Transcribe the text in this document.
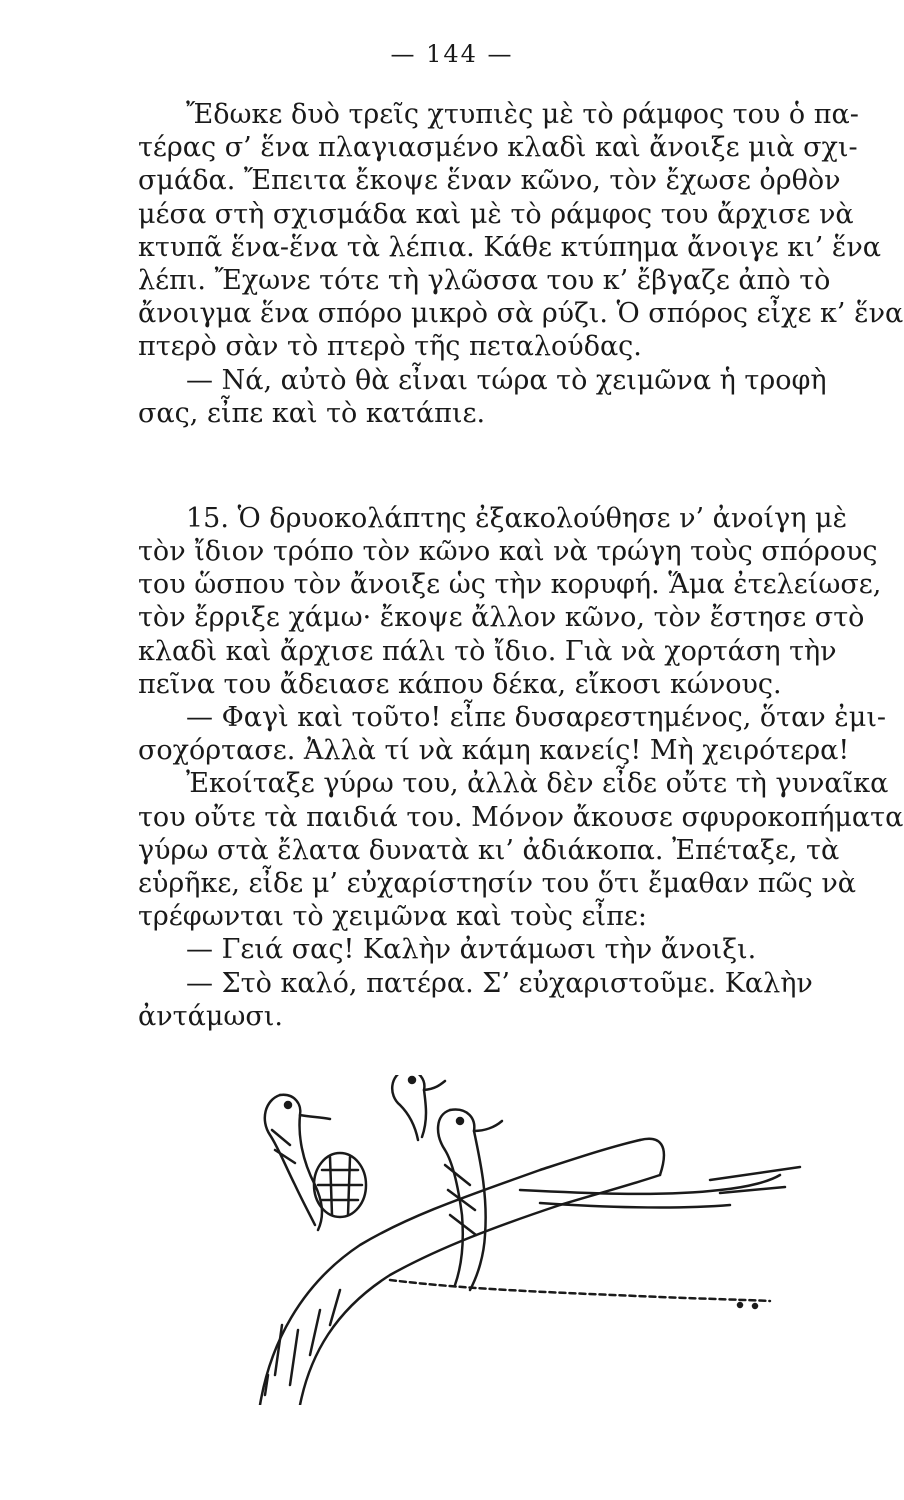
— 144 —
Ἔδωκε δυὸ τρεῖς χτυπιὲς μὲ τὸ ράμφος του ὁ πα-
τέρας σ’ ἕνα πλαγιασμένο κλαδὶ καὶ ἄνοιξε μιὰ σχι-
σμάδα. Ἔπειτα ἔκοψε ἕναν κῶνο, τὸν ἔχωσε ὀρθὸν
μέσα στὴ σχισμάδα καὶ μὲ τὸ ράμφος του ἄρχισε νὰ
κτυπᾶ ἕνα-ἕνα τὰ λέπια. Κάθε κτύπημα ἄνοιγε κι’ ἕνα
λέπι. Ἔχωνε τότε τὴ γλῶσσα του κ’ ἔβγαζε ἀπὸ τὸ
ἄνοιγμα ἕνα σπόρο μικρὸ σὰ ρύζι. Ὁ σπόρος εἶχε κ’ ἕνα
πτερὸ σὰν τὸ πτερὸ τῆς πεταλούδας.
— Νά, αὐτὸ θὰ εἶναι τώρα τὸ χειμῶνα ἡ τροφὴ
σας, εἶπε καὶ τὸ κατάπιε.
15. Ὁ δρυοκολάπτης ἐξακολούθησε ν’ ἀνοίγη μὲ
τὸν ἴδιον τρόπο τὸν κῶνο καὶ νὰ τρώγη τοὺς σπόρους
του ὥσπου τὸν ἄνοιξε ὡς τὴν κορυφή. Ἅμα ἐτελείωσε,
τὸν ἔρριξε χάμω· ἔκοψε ἄλλον κῶνο, τὸν ἔστησε στὸ
κλαδὶ καὶ ἄρχισε πάλι τὸ ἴδιο. Γιὰ νὰ χορτάση τὴν
πεῖνα του ἄδειασε κάπου δέκα, εἴκοσι κώνους.
— Φαγὶ καὶ τοῦτο! εἶπε δυσαρεστημένος, ὅταν ἐμι-
σοχόρτασε. Ἀλλὰ τί νὰ κάμη κανείς! Μὴ χειρότερα!
Ἐκοίταξε γύρω του, ἀλλὰ δὲν εἶδε οὔτε τὴ γυναῖκα
του οὔτε τὰ παιδιά του. Μόνον ἄκουσε σφυροκοπήματα
γύρω στὰ ἔλατα δυνατὰ κι’ ἀδιάκοπα. Ἐπέταξε, τὰ
εὑρῆκε, εἶδε μ’ εὐχαρίστησίν του ὅτι ἔμαθαν πῶς νὰ
τρέφωνται τὸ χειμῶνα καὶ τοὺς εἶπε:
— Γειά σας! Καλὴν ἀντάμωσι τὴν ἄνοιξι.
— Στὸ καλό, πατέρα. Σ’ εὐχαριστοῦμε. Καλὴν
ἀντάμωσι.
